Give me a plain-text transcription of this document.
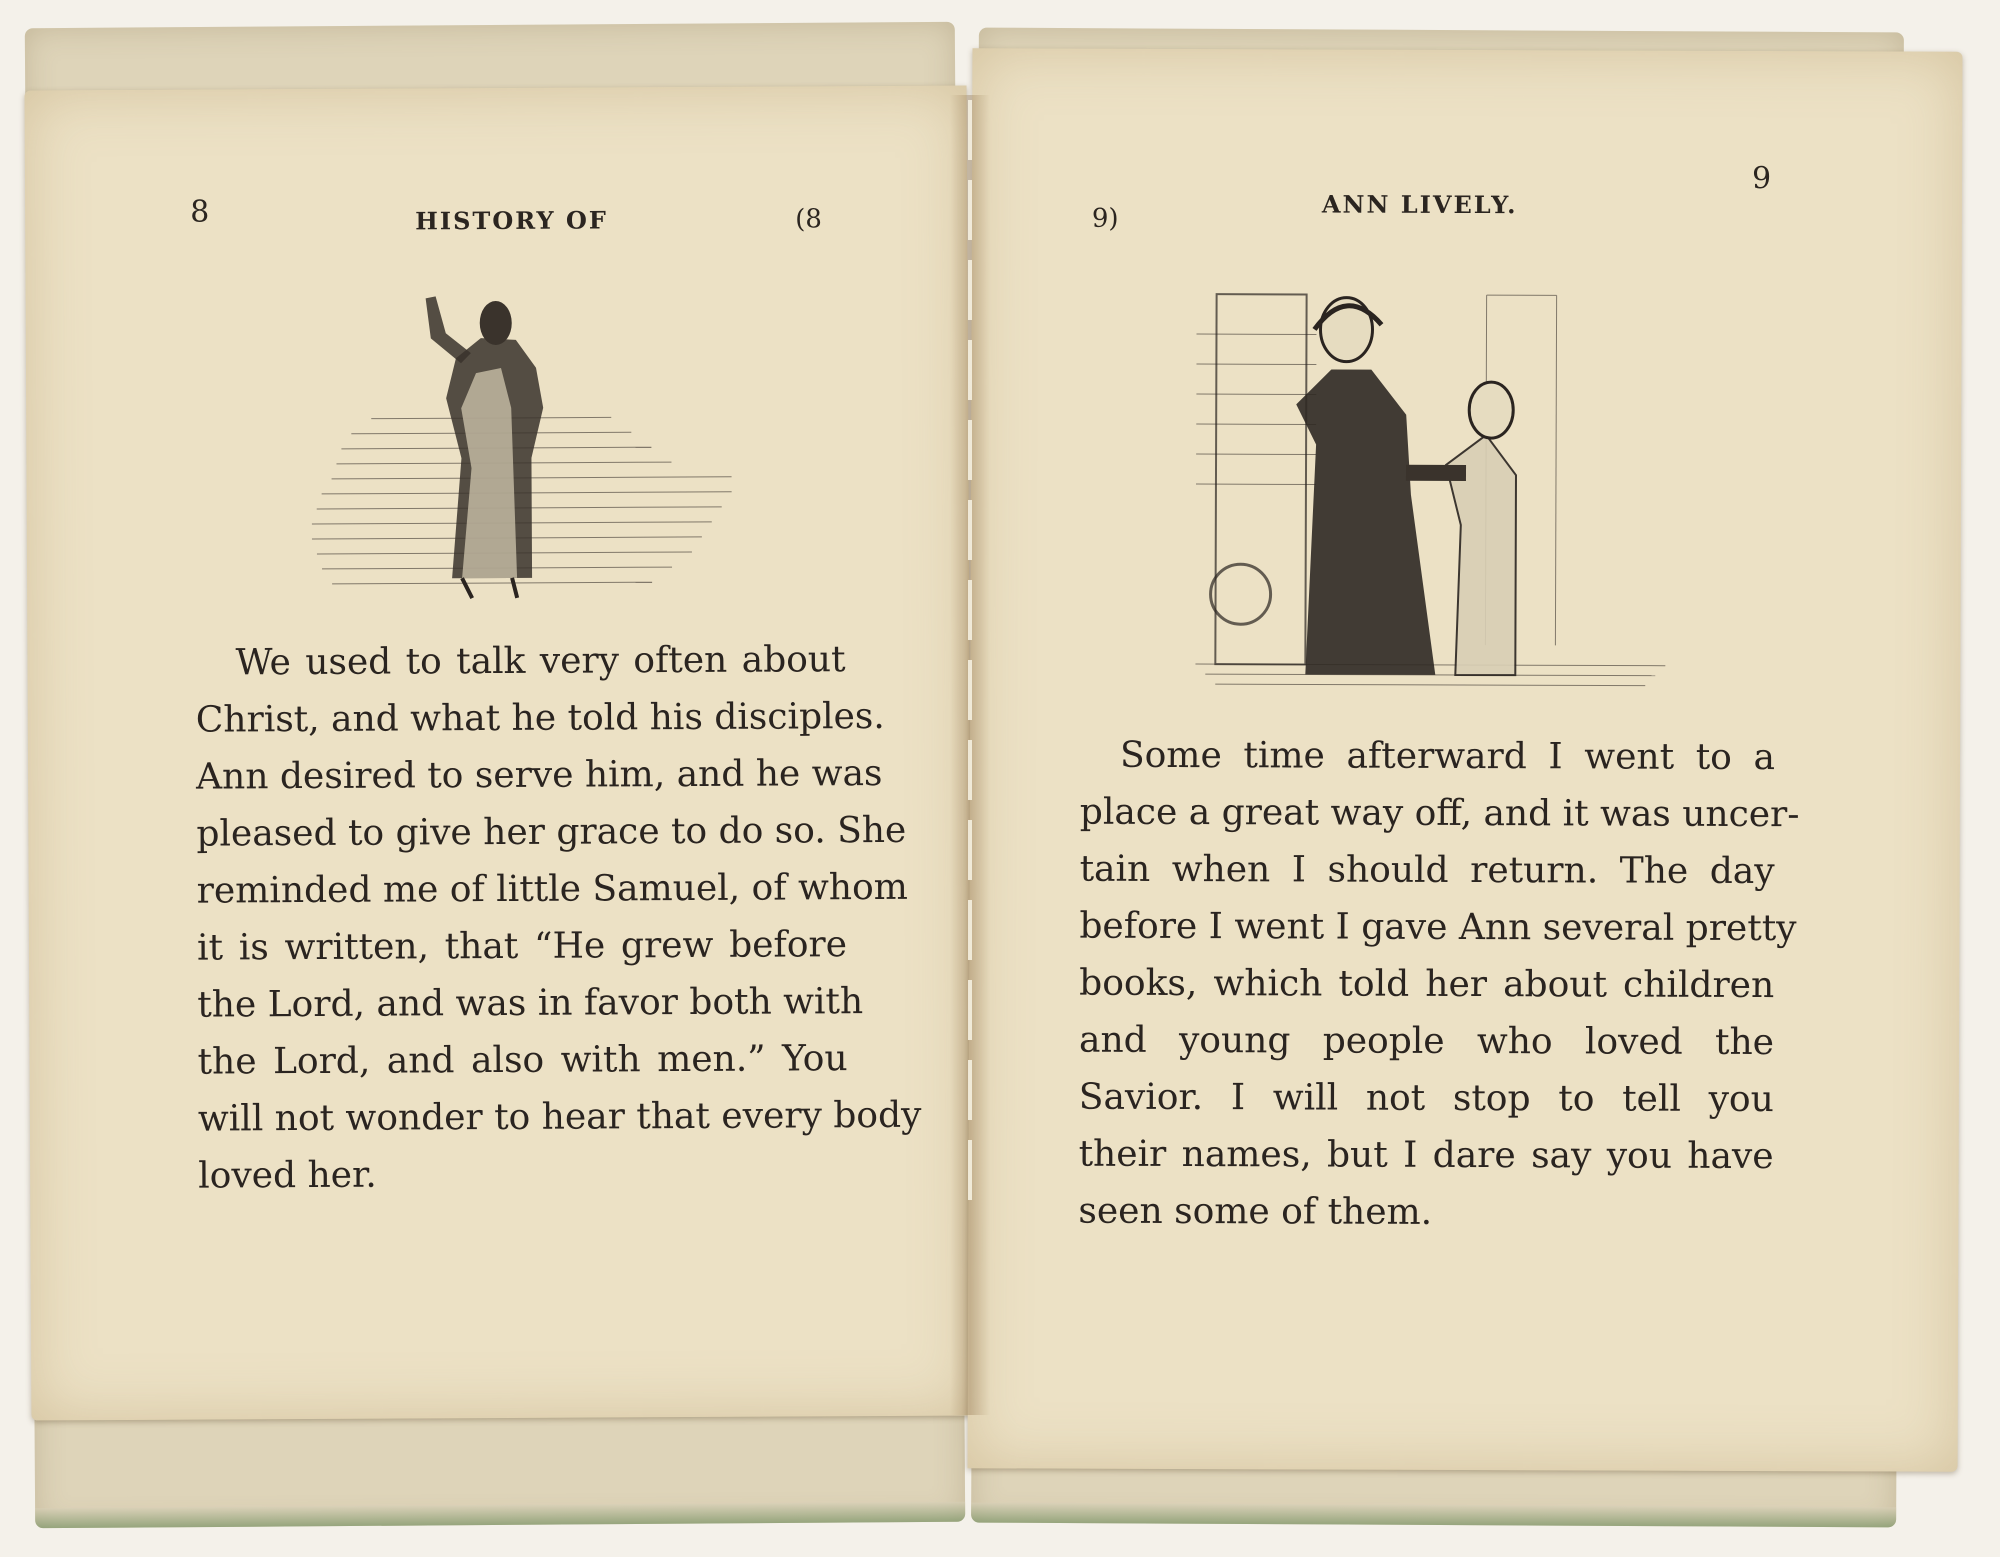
8	HISTORY OF	(8
We used to talk very often about
Christ, and what he told his disciples.
Ann desired to serve him, and he was
pleased to give her grace to do so. She
reminded me of little Samuel, of whom
it is written, that “He grew before
the Lord, and was in favor both with
the Lord, and also with men.” You
will not wonder to hear that every body
loved her.
9)	ANN LIVELY.
9
Some time afterward I went to a
place a great way off, and it was uncer-
tain when I should return. The day
before I went I gave Ann several pretty
books, which told her about children
and young people who loved the
Savior. I will not stop to tell you
their names, but I dare say you have
seen some of them.
